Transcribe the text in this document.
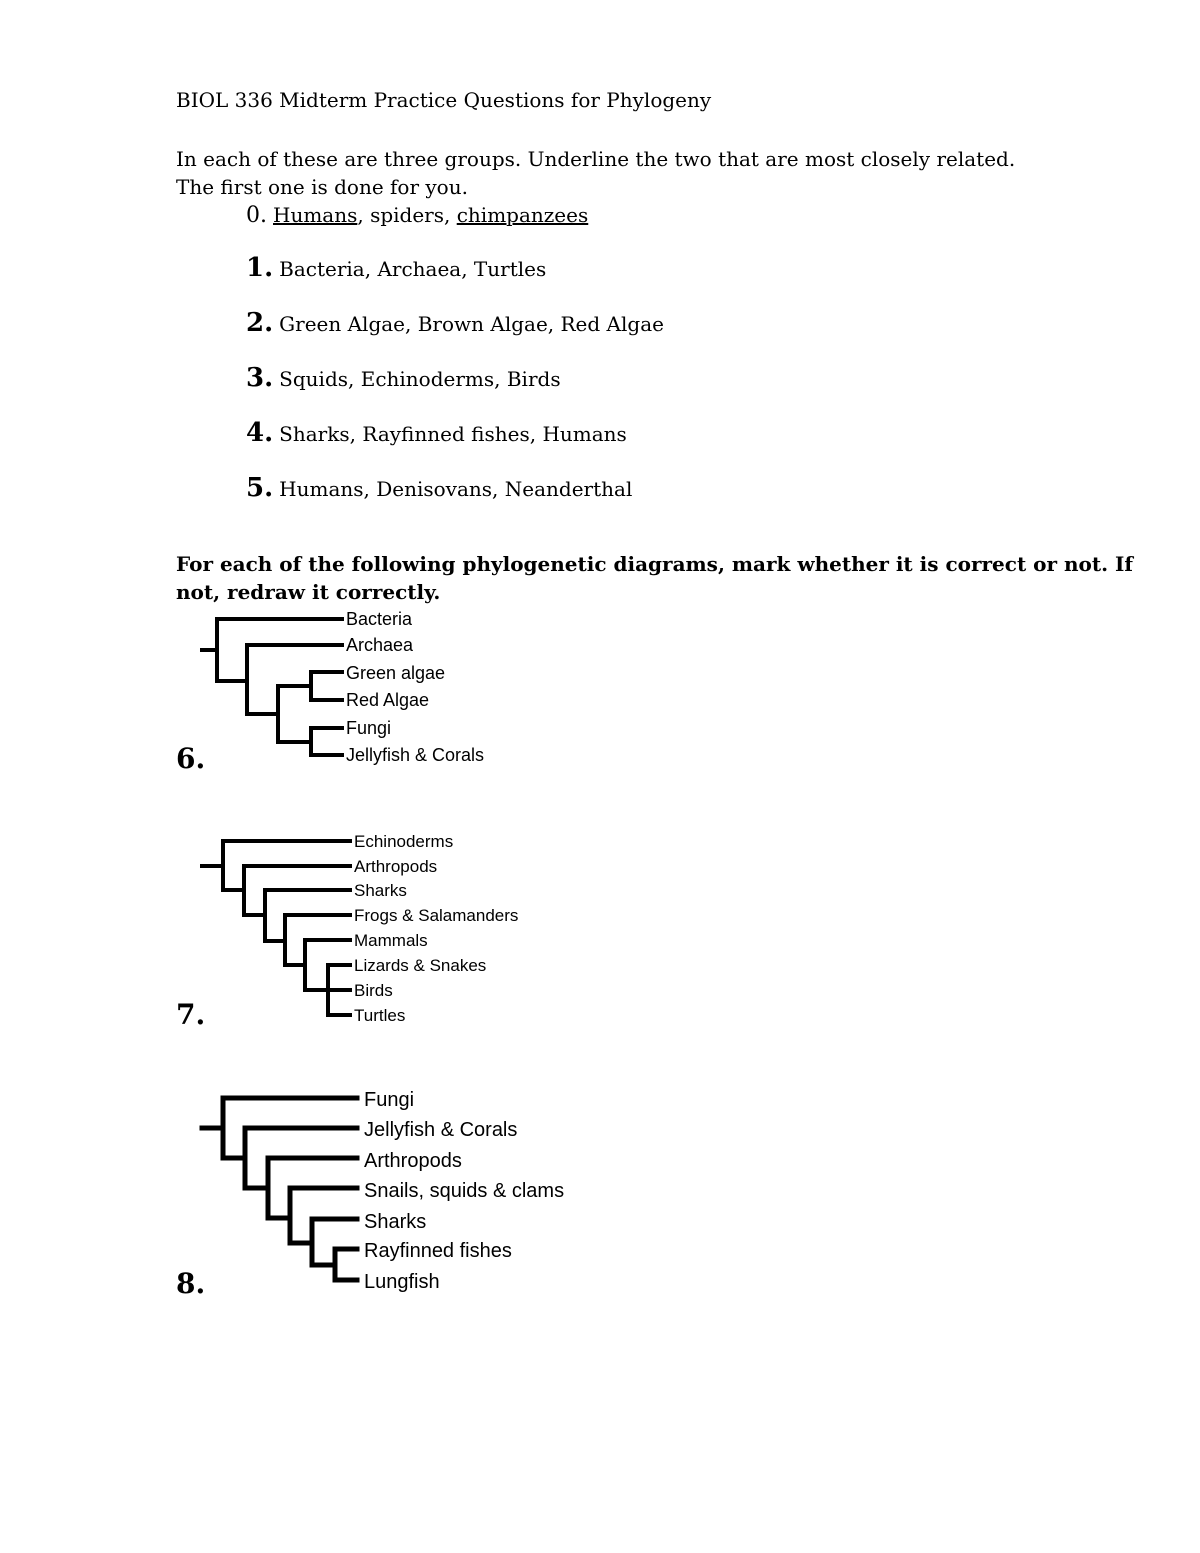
BIOL 336 Midterm Practice Questions for Phylogeny
In each of these are three groups. Underline the two that are most closely related.
The first one is done for you.
0. Humans, spiders, chimpanzees
1. Bacteria, Archaea, Turtles
2. Green Algae, Brown Algae, Red Algae
3. Squids, Echinoderms, Birds
4. Sharks, Rayfinned fishes, Humans
5. Humans, Denisovans, Neanderthal
For each of the following phylogenetic diagrams, mark whether it is correct or not. If
not, redraw it correctly.
6.
7.
8.
Bacteria
Archaea
Green algae
Red Algae
Fungi
Jellyfish & Corals
Echinoderms
Arthropods
Sharks
Frogs & Salamanders
Mammals
Lizards & Snakes
Birds
Turtles
Fungi
Jellyfish & Corals
Arthropods
Snails, squids & clams
Sharks
Rayfinned fishes
Lungfish
